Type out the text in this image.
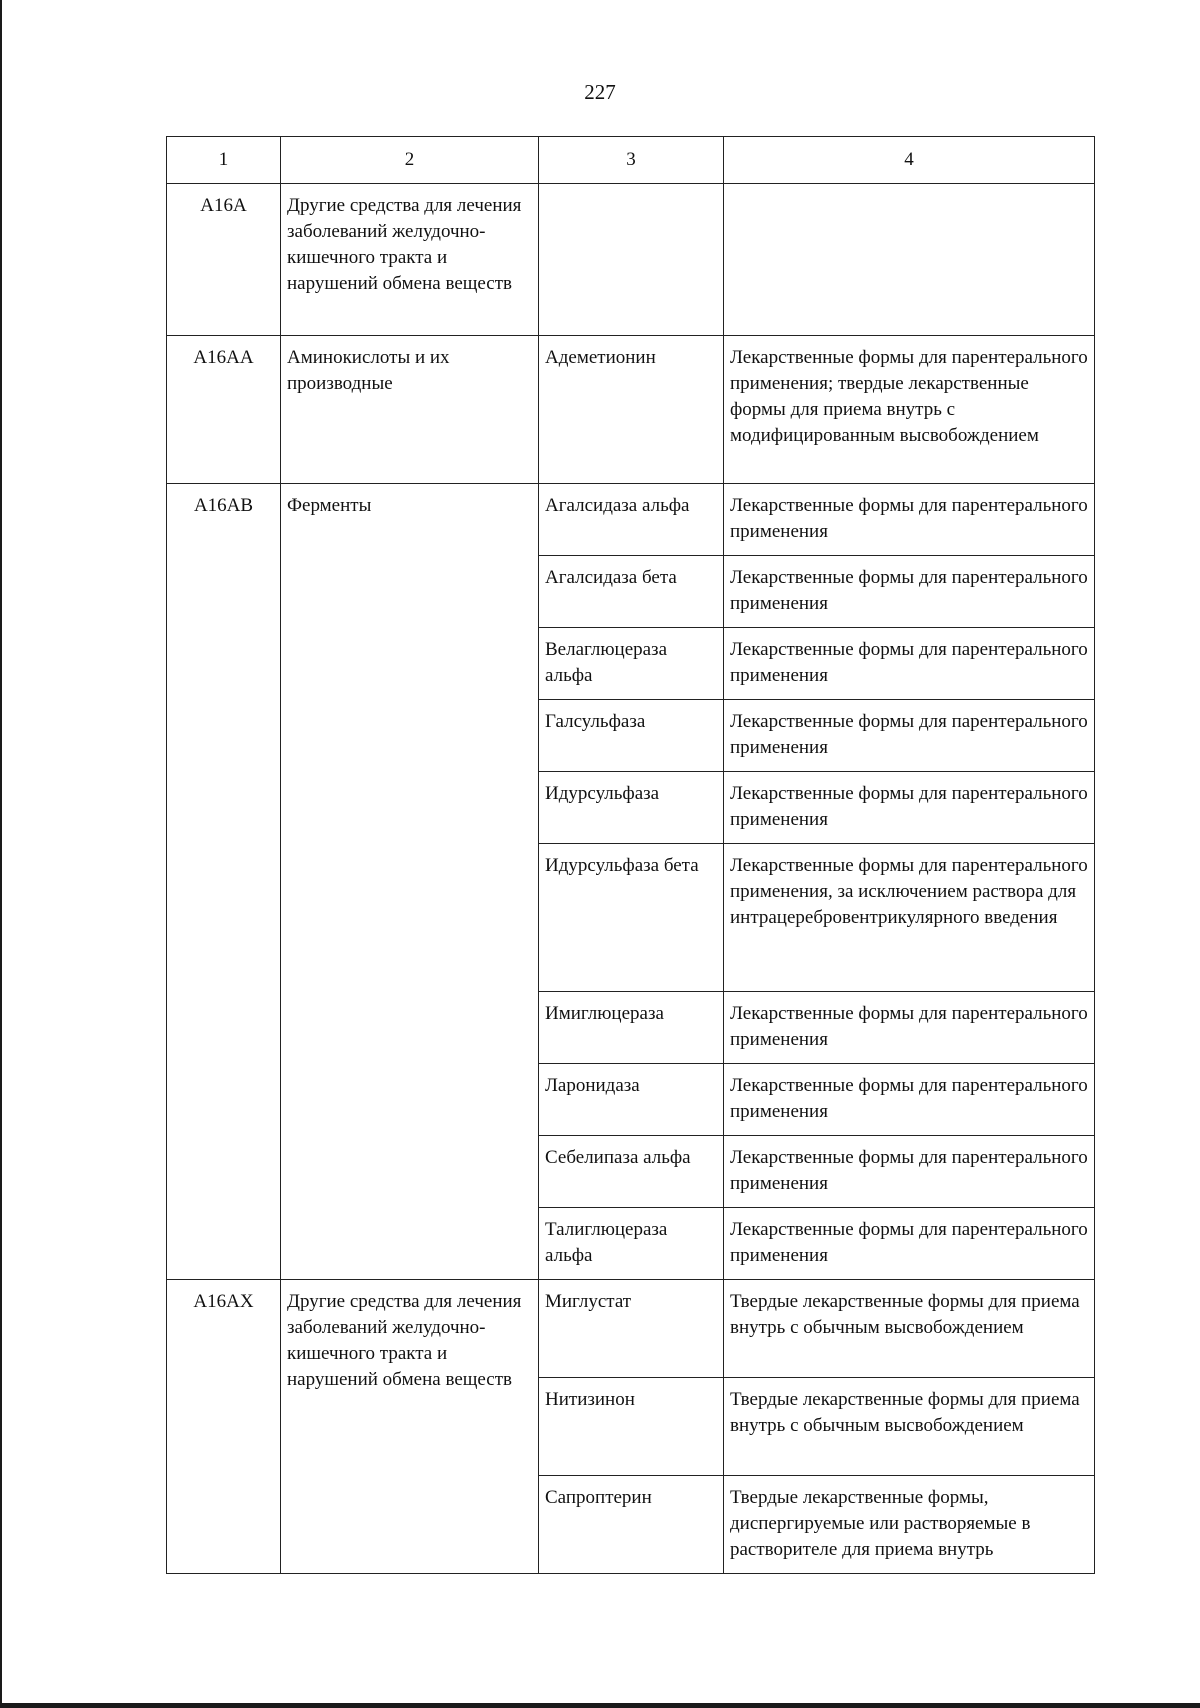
227
1	2	3	4
A16A	Другие средства для лечения заболеваний желудочно-кишечного тракта и нарушений обмена веществ		
A16AA	Аминокислоты и их производные	Адеметионин	Лекарственные формы для парентерального применения; твердые лекарственные формы для приема внутрь с модифицированным высвобождением
A16AB	Ферменты	Агалсидаза альфа	Лекарственные формы для парентерального применения
		Агалсидаза бета	Лекарственные формы для парентерального применения
		Велаглюцераза альфа	Лекарственные формы для парентерального применения
		Галсульфаза	Лекарственные формы для парентерального применения
		Идурсульфаза	Лекарственные формы для парентерального применения
		Идурсульфаза бета	Лекарственные формы для парентерального применения, за исключением раствора для интрацеребровентрикулярного введения
		Имиглюцераза	Лекарственные формы для парентерального применения
		Ларонидаза	Лекарственные формы для парентерального применения
		Себелипаза альфа	Лекарственные формы для парентерального применения
		Талиглюцераза альфа	Лекарственные формы для парентерального применения
A16AX	Другие средства для лечения заболеваний желудочно-кишечного тракта и нарушений обмена веществ	Миглустат	Твердые лекарственные формы для приема внутрь с обычным высвобождением
		Нитизинон	Твердые лекарственные формы для приема внутрь с обычным высвобождением
		Сапроптерин	Твердые лекарственные формы, диспергируемые или растворяемые в растворителе для приема внутрь
